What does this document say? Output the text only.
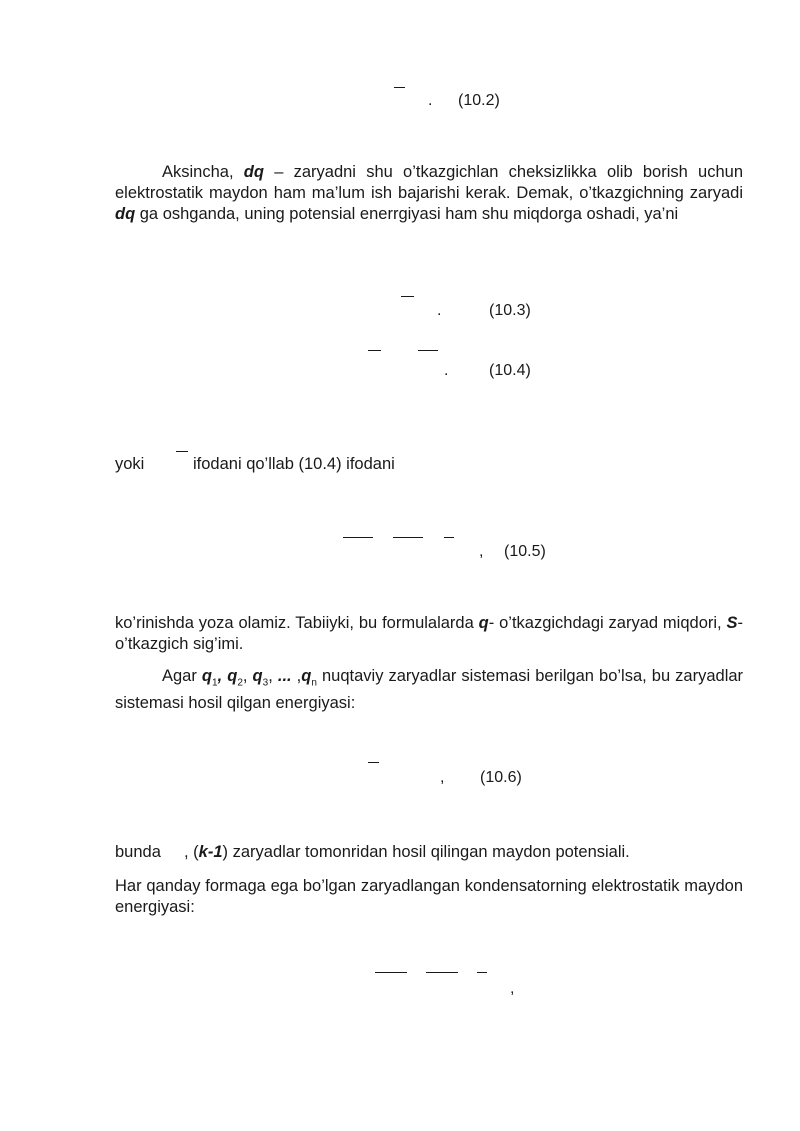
. (10.2)

Aksincha, dq – zaryadni shu o’tkazgichlan cheksizlikka olib borish uchun elektrostatik maydon ham ma’lum ish bajarishi kerak. Demak, o’tkazgichning zaryadi dq ga oshganda, uning potensial enerrgiyasi ham shu miqdorga oshadi, ya’ni

.	(10.3)
.	(10.4)
yoki	ifodani qo’llab (10.4) ifodani
, (10.5)

ko’rinishda yoza olamiz. Tabiiyki, bu formulalarda q- o’tkazgichdagi zaryad miqdori, S- o’tkazgich sig’imi.

Agar $q_1$, $q_2$, $q_3$, ... $,q_n$ nuqtaviy zaryadlar sistemasi berilgan bo’lsa, bu zaryadlar sistemasi hosil qilgan energiyasi:

, (10.6)
bunda , (k-1) zaryadlar tomonridan hosil qilingan maydon potensiali.

Har qanday formaga ega bo’lgan zaryadlangan kondensatorning elektrostatik maydon energiyasi:

,
